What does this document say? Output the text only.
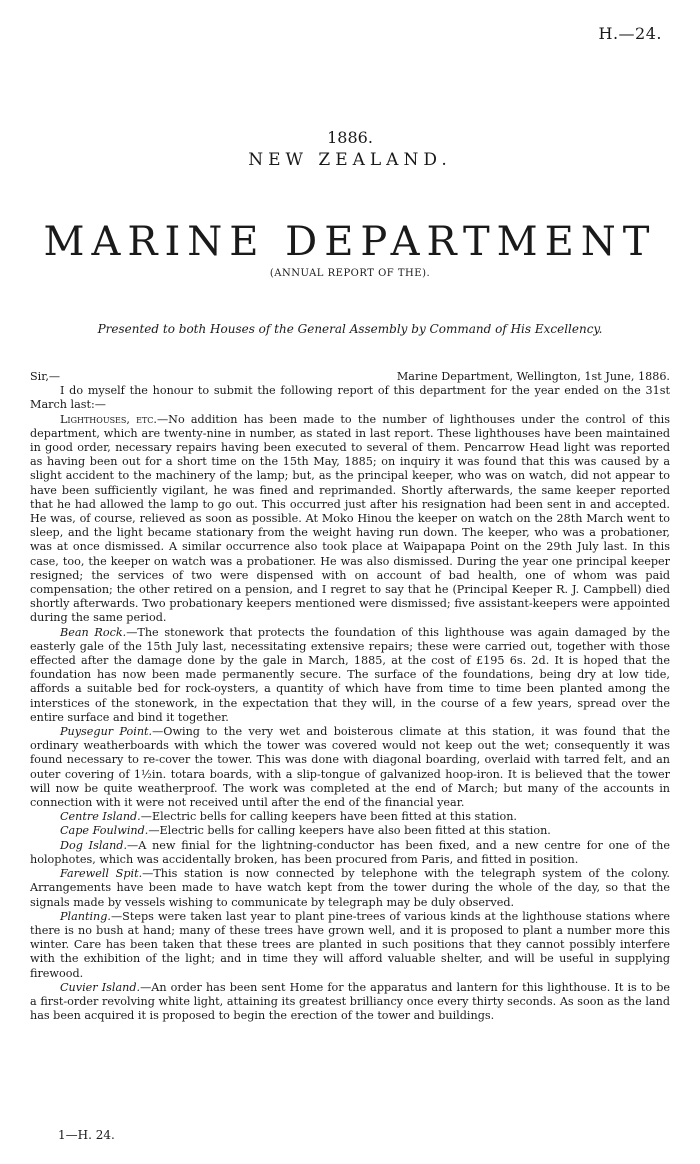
H.—24.
1886.
NEW ZEALAND.
MARINE DEPARTMENT
(ANNUAL REPORT OF THE).
Presented to both Houses of the General Assembly by Command of His Excellency.
Sir,—	Marine Department, Wellington, 1st June, 1886.

I do myself the honour to submit the following report of this department for the year ended on the 31st March last:—

Lighthouses, etc.—No addition has been made to the number of lighthouses under the control of this department, which are twenty-nine in number, as stated in last report. These lighthouses have been maintained in good order, necessary repairs having been executed to several of them. Pencarrow Head light was reported as having been out for a short time on the 15th May, 1885; on inquiry it was found that this was caused by a slight accident to the machinery of the lamp; but, as the principal keeper, who was on watch, did not appear to have been sufficiently vigilant, he was fined and reprimanded. Shortly afterwards, the same keeper reported that he had allowed the lamp to go out. This occurred just after his resignation had been sent in and accepted. He was, of course, relieved as soon as possible. At Moko Hinou the keeper on watch on the 28th March went to sleep, and the light became stationary from the weight having run down. The keeper, who was a probationer, was at once dismissed. A similar occurrence also took place at Waipapapa Point on the 29th July last. In this case, too, the keeper on watch was a probationer. He was also dismissed. During the year one principal keeper resigned; the services of two were dispensed with on account of bad health, one of whom was paid compensation; the other retired on a pension, and I regret to say that he (Principal Keeper R. J. Campbell) died shortly afterwards. Two probationary keepers mentioned were dismissed; five assistant-keepers were appointed during the same period.

Bean Rock.—The stonework that protects the foundation of this lighthouse was again damaged by the easterly gale of the 15th July last, necessitating extensive repairs; these were carried out, together with those effected after the damage done by the gale in March, 1885, at the cost of £195 6s. 2d. It is hoped that the foundation has now been made permanently secure. The surface of the foundations, being dry at low tide, affords a suitable bed for rock-oysters, a quantity of which have from time to time been planted among the interstices of the stonework, in the expectation that they will, in the course of a few years, spread over the entire surface and bind it together.

Puysegur Point.—Owing to the very wet and boisterous climate at this station, it was found that the ordinary weatherboards with which the tower was covered would not keep out the wet; consequently it was found necessary to re-cover the tower. This was done with diagonal boarding, overlaid with tarred felt, and an outer covering of 1½in. totara boards, with a slip-tongue of galvanized hoop-iron. It is believed that the tower will now be quite weatherproof. The work was completed at the end of March; but many of the accounts in connection with it were not received until after the end of the financial year.

Centre Island.—Electric bells for calling keepers have been fitted at this station.

Cape Foulwind.—Electric bells for calling keepers have also been fitted at this station.

Dog Island.—A new finial for the lightning-conductor has been fixed, and a new centre for one of the holophotes, which was accidentally broken, has been procured from Paris, and fitted in position.

Farewell Spit.—This station is now connected by telephone with the telegraph system of the colony. Arrangements have been made to have watch kept from the tower during the whole of the day, so that the signals made by vessels wishing to communicate by telegraph may be duly observed.

Planting.—Steps were taken last year to plant pine-trees of various kinds at the lighthouse stations where there is no bush at hand; many of these trees have grown well, and it is proposed to plant a number more this winter. Care has been taken that these trees are planted in such positions that they cannot possibly interfere with the exhibition of the light; and in time they will afford valuable shelter, and will be useful in supplying firewood.

Cuvier Island.—An order has been sent Home for the apparatus and lantern for this lighthouse. It is to be a first-order revolving white light, attaining its greatest brilliancy once every thirty seconds. As soon as the land has been acquired it is proposed to begin the erection of the tower and buildings.

1—H. 24.
